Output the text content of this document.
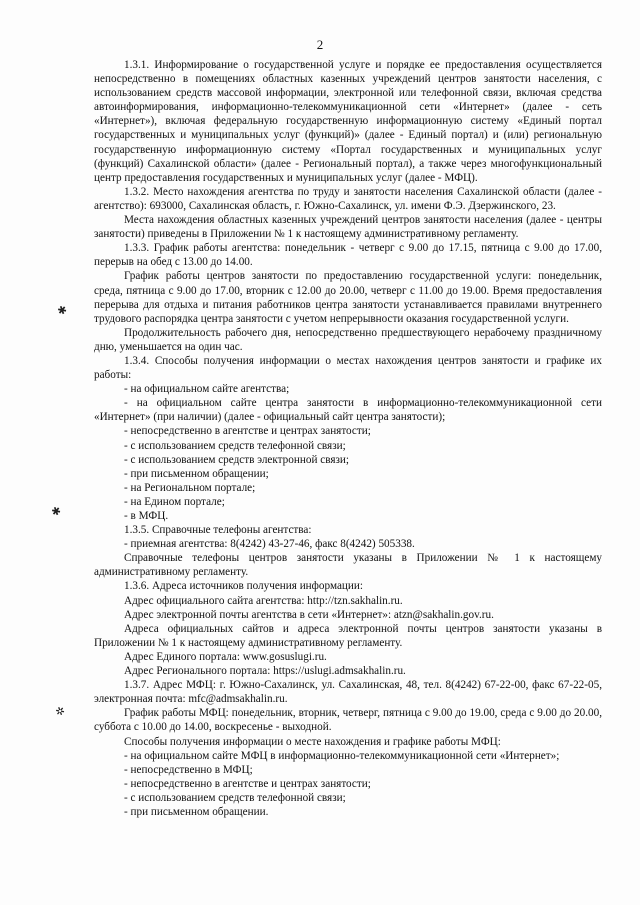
2
✱
✱
✲

1.3.1. Информирование о государственной услуге и порядке ее предоставления осуществляется непосредственно в помещениях областных казенных учреждений центров занятости населения, с использованием средств массовой информации, электронной или телефонной связи, включая средства автоинформирования, информационно-телекоммуникационной сети «Интернет» (далее - сеть «Интернет»), включая федеральную государственную информационную систему «Единый портал государственных и муниципальных услуг (функций)» (далее - Единый портал) и (или) региональную государственную информационную систему «Портал государственных и муниципальных услуг (функций) Сахалинской области» (далее - Региональный портал), а также через многофункциональный центр предоставления государственных и муниципальных услуг (далее - МФЦ).

1.3.2. Место нахождения агентства по труду и занятости населения Сахалинской области (далее - агентство): 693000, Сахалинская область, г. Южно-Сахалинск, ул. имени Ф.Э. Дзержинского, 23.

Места нахождения областных казенных учреждений центров занятости населения (далее - центры занятости) приведены в Приложении № 1 к настоящему административному регламенту.

1.3.3. График работы агентства: понедельник - четверг с 9.00 до 17.15, пятница с 9.00 до 17.00, перерыв на обед с 13.00 до 14.00.

График работы центров занятости по предоставлению государственной услуги: понедельник, среда, пятница с 9.00 до 17.00, вторник с 12.00 до 20.00, четверг с 11.00 до 19.00. Время предоставления перерыва для отдыха и питания работников центра занятости устанавливается правилами внутреннего трудового распорядка центра занятости с учетом непрерывности оказания государственной услуги.

Продолжительность рабочего дня, непосредственно предшествующего нерабочему праздничному дню, уменьшается на один час.

1.3.4. Способы получения информации о местах нахождения центров занятости и графике их работы:

- на официальном сайте агентства;

- на официальном сайте центра занятости в информационно-телекоммуникационной сети «Интернет» (при наличии) (далее - официальный сайт центра занятости);

- непосредственно в агентстве и центрах занятости;

- с использованием средств телефонной связи;

- с использованием средств электронной связи;

- при письменном обращении;

- на Региональном портале;

- на Едином портале;

- в МФЦ.

1.3.5. Справочные телефоны агентства:

- приемная агентства: 8(4242) 43-27-46, факс 8(4242) 505338.

Справочные телефоны центров занятости указаны в Приложении № 1 к настоящему административному регламенту.

1.3.6. Адреса источников получения информации:

Адрес официального сайта агентства: http://tzn.sakhalin.ru.

Адрес электронной почты агентства в сети «Интернет»: atzn@sakhalin.gov.ru.

Адреса официальных сайтов и адреса электронной почты центров занятости указаны в Приложении № 1 к настоящему административному регламенту.

Адрес Единого портала: www.gosuslugi.ru.

Адрес Регионального портала: https://uslugi.admsakhalin.ru.

1.3.7. Адрес МФЦ: г. Южно-Сахалинск, ул. Сахалинская, 48, тел. 8(4242) 67-22-00, факс 67-22-05, электронная почта: mfc@admsakhalin.ru.

График работы МФЦ: понедельник, вторник, четверг, пятница с 9.00 до 19.00, среда с 9.00 до 20.00, суббота с 10.00 до 14.00, воскресенье - выходной.

Способы получения информации о месте нахождения и графике работы МФЦ:

- на официальном сайте МФЦ в информационно-телекоммуникационной сети «Интернет»;

- непосредственно в МФЦ;

- непосредственно в агентстве и центрах занятости;

- с использованием средств телефонной связи;

- при письменном обращении.
